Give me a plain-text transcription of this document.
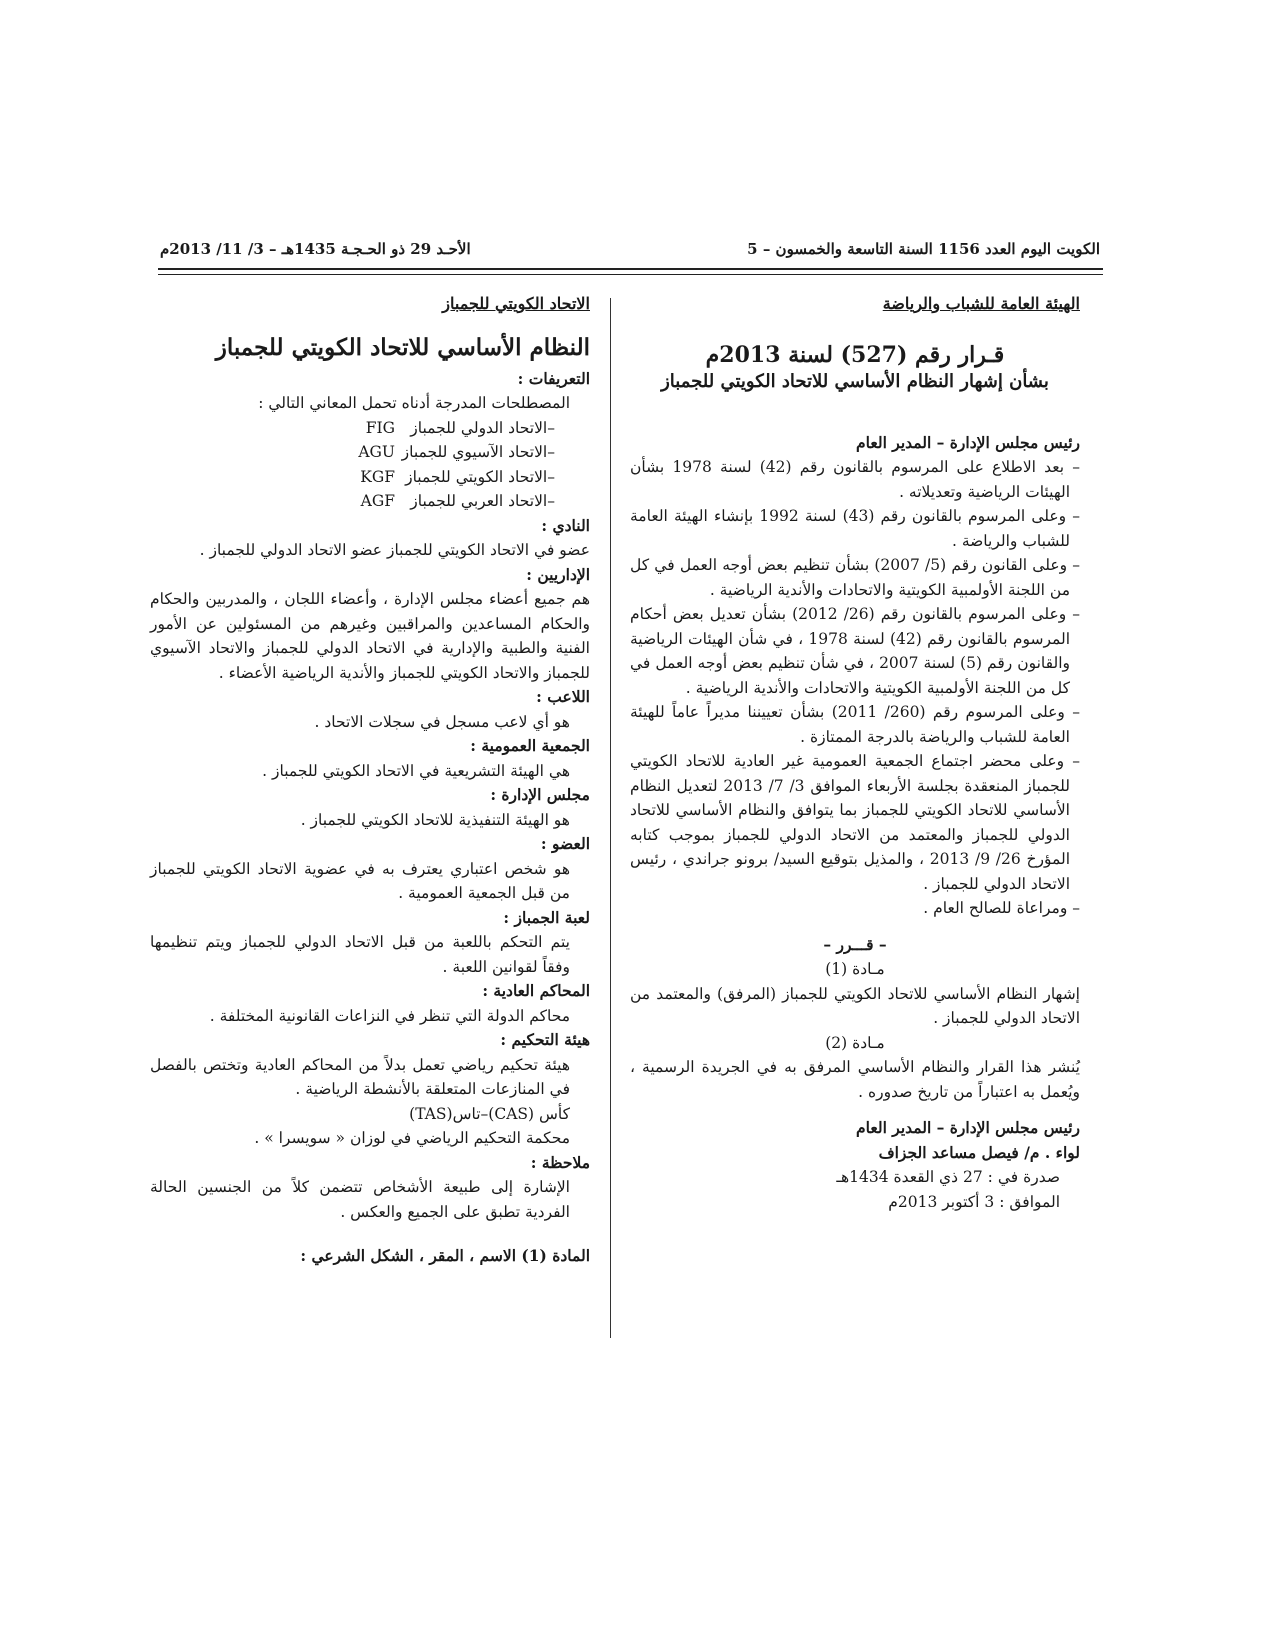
الكويت اليوم العدد 1156 السنة التاسعة والخمسون – 5
الأحـد 29 ذو الحـجـة 1435هـ – 3/ 11/ 2013م
الهيئة العامة للشباب والرياضة
قـرار رقم (527) لسنة 2013م
بشأن إشهار النظام الأساسي للاتحاد الكويتي للجمباز
رئيس مجلس الإدارة – المدير العام
– بعد الاطلاع على المرسوم بالقانون رقم (42) لسنة 1978 بشأن الهيئات الرياضية وتعديلاته .
– وعلى المرسوم بالقانون رقم (43) لسنة 1992 بإنشاء الهيئة العامة للشباب والرياضة .
– وعلى القانون رقم (5/ 2007) بشأن تنظيم بعض أوجه العمل في كل من اللجنة الأولمبية الكويتية والاتحادات والأندية الرياضية .
– وعلى المرسوم بالقانون رقم (26/ 2012) بشأن تعديل بعض أحكام المرسوم بالقانون رقم (42) لسنة 1978 ، في شأن الهيئات الرياضية والقانون رقم (5) لسنة 2007 ، في شأن تنظيم بعض أوجه العمل في كل من اللجنة الأولمبية الكويتية والاتحادات والأندية الرياضية .
– وعلى المرسوم رقم (260/ 2011) بشأن تعييننا مديراً عاماً للهيئة العامة للشباب والرياضة بالدرجة الممتازة .
– وعلى محضر اجتماع الجمعية العمومية غير العادية للاتحاد الكويتي للجمباز المنعقدة بجلسة الأربعاء الموافق 3/ 7/ 2013 لتعديل النظام الأساسي للاتحاد الكويتي للجمباز بما يتوافق والنظام الأساسي للاتحاد الدولي للجمباز والمعتمد من الاتحاد الدولي للجمباز بموجب كتابه المؤرخ 26/ 9/ 2013 ، والمذيل بتوقيع السيد/ برونو جراندي ، رئيس الاتحاد الدولي للجمباز .
– ومراعاة للصالح العام .
– قـــرر –
مـادة (1)
إشهار النظام الأساسي للاتحاد الكويتي للجمباز (المرفق) والمعتمد من الاتحاد الدولي للجمباز .
مـادة (2)
يُنشر هذا القرار والنظام الأساسي المرفق به في الجريدة الرسمية ، ويُعمل به اعتباراً من تاريخ صدوره .
رئيس مجلس الإدارة – المدير العام
لواء . م/ فيصل مساعد الجزاف
صدرة في : 27 ذي القعدة 1434هـ
الموافق : 3 أكتوبر 2013م
الاتحاد الكويتي للجمباز
النظام الأساسي للاتحاد الكويتي للجمباز
التعريفات :
المصطلحات المدرجة أدناه تحمل المعاني التالي :
–الاتحاد الدولي للجمباز
FIG
–الاتحاد الآسيوي للجمباز
AGU
–الاتحاد الكويتي للجمباز
KGF
–الاتحاد العربي للجمباز
AGF
النادي :
عضو في الاتحاد الكويتي للجمباز عضو الاتحاد الدولي للجمباز .
الإداريين :
هم جميع أعضاء مجلس الإدارة ، وأعضاء اللجان ، والمدربين والحكام والحكام المساعدين والمراقبين وغيرهم من المسئولين عن الأمور الفنية والطبية والإدارية في الاتحاد الدولي للجمباز والاتحاد الآسيوي للجمباز والاتحاد الكويتي للجمباز والأندية الرياضية الأعضاء .
اللاعب :
هو أي لاعب مسجل في سجلات الاتحاد .
الجمعية العمومية :
هي الهيئة التشريعية في الاتحاد الكويتي للجمباز .
مجلس الإدارة :
هو الهيئة التنفيذية للاتحاد الكويتي للجمباز .
العضو :
هو شخص اعتباري يعترف به في عضوية الاتحاد الكويتي للجمباز من قبل الجمعية العمومية .
لعبة الجمباز :
يتم التحكم باللعبة من قبل الاتحاد الدولي للجمباز ويتم تنظيمها وفقاً لقوانين اللعبة .
المحاكم العادية :
محاكم الدولة التي تنظر في النزاعات القانونية المختلفة .
هيئة التحكيم :
هيئة تحكيم رياضي تعمل بدلاً من المحاكم العادية وتختص بالفصل في المنازعات المتعلقة بالأنشطة الرياضية .
كأس (CAS)–تاس(TAS)
محكمة التحكيم الرياضي في لوزان « سويسرا » .
ملاحظة :
الإشارة إلى طبيعة الأشخاص تتضمن كلاً من الجنسين الحالة الفردية تطبق على الجميع والعكس .
المادة (1) الاسم ، المقر ، الشكل الشرعي :
